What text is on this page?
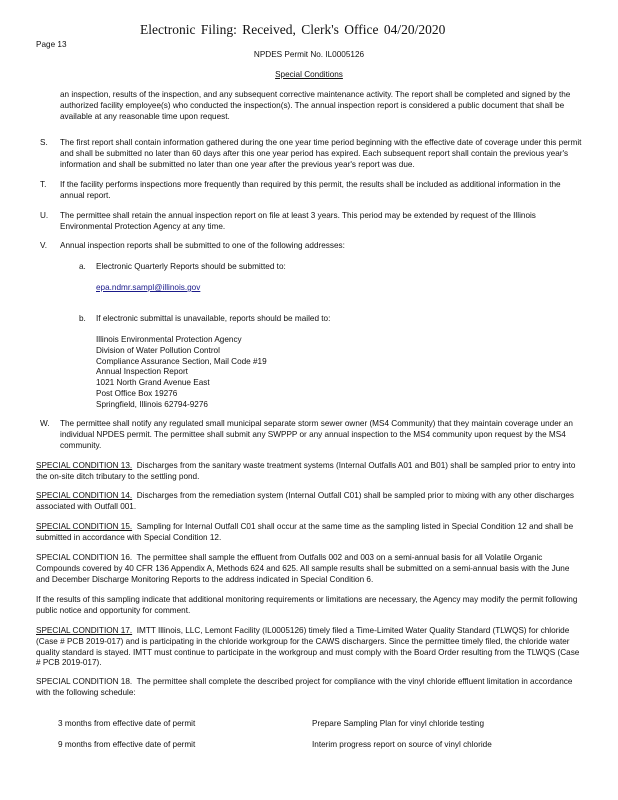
Electronic Filing: Received, Clerk's Office 04/20/2020
Page 13
NPDES Permit No. IL0005126
Special Conditions
an inspection, results of the inspection, and any subsequent corrective maintenance activity. The report shall be completed and signed by the authorized facility employee(s) who conducted the inspection(s). The annual inspection report is considered a public document that shall be available at any reasonable time upon request.
S. The first report shall contain information gathered during the one year time period beginning with the effective date of coverage under this permit and shall be submitted no later than 60 days after this one year period has expired. Each subsequent report shall contain the previous year's information and shall be submitted no later than one year after the previous year's report was due.
T. If the facility performs inspections more frequently than required by this permit, the results shall be included as additional information in the annual report.
U. The permittee shall retain the annual inspection report on file at least 3 years. This period may be extended by request of the Illinois Environmental Protection Agency at any time.
V. Annual inspection reports shall be submitted to one of the following addresses:
a. Electronic Quarterly Reports should be submitted to:
epa.ndmr.sampl@illinois.gov
b. If electronic submittal is unavailable, reports should be mailed to:
Illinois Environmental Protection Agency
Division of Water Pollution Control
Compliance Assurance Section, Mail Code #19
Annual Inspection Report
1021 North Grand Avenue East
Post Office Box 19276
Springfield, Illinois 62794-9276
W. The permittee shall notify any regulated small municipal separate storm sewer owner (MS4 Community) that they maintain coverage under an individual NPDES permit. The permittee shall submit any SWPPP or any annual inspection to the MS4 community upon request by the MS4 community.
SPECIAL CONDITION 13. Discharges from the sanitary waste treatment systems (Internal Outfalls A01 and B01) shall be sampled prior to entry into the on-site ditch tributary to the settling pond.
SPECIAL CONDITION 14. Discharges from the remediation system (Internal Outfall C01) shall be sampled prior to mixing with any other discharges associated with Outfall 001.
SPECIAL CONDITION 15. Sampling for Internal Outfall C01 shall occur at the same time as the sampling listed in Special Condition 12 and shall be submitted in accordance with Special Condition 12.
SPECIAL CONDITION 16. The permittee shall sample the effluent from Outfalls 002 and 003 on a semi-annual basis for all Volatile Organic Compounds covered by 40 CFR 136 Appendix A, Methods 624 and 625. All sample results shall be submitted on a semi-annual basis with the June and December Discharge Monitoring Reports to the address indicated in Special Condition 6.
If the results of this sampling indicate that additional monitoring requirements or limitations are necessary, the Agency may modify the permit following public notice and opportunity for comment.
SPECIAL CONDITION 17. IMTT Illinois, LLC, Lemont Facility (IL0005126) timely filed a Time-Limited Water Quality Standard (TLWQS) for chloride (Case # PCB 2019-017) and is participating in the chloride workgroup for the CAWS dischargers. Since the permittee timely filed, the chloride water quality standard is stayed. IMTT must continue to participate in the workgroup and must comply with the Board Order resulting from the TLWQS (Case # PCB 2019-017).
SPECIAL CONDITION 18. The permittee shall complete the described project for compliance with the vinyl chloride effluent limitation in accordance with the following schedule:
3 months from effective date of permit	Prepare Sampling Plan for vinyl chloride testing
9 months from effective date of permit	Interim progress report on source of vinyl chloride
